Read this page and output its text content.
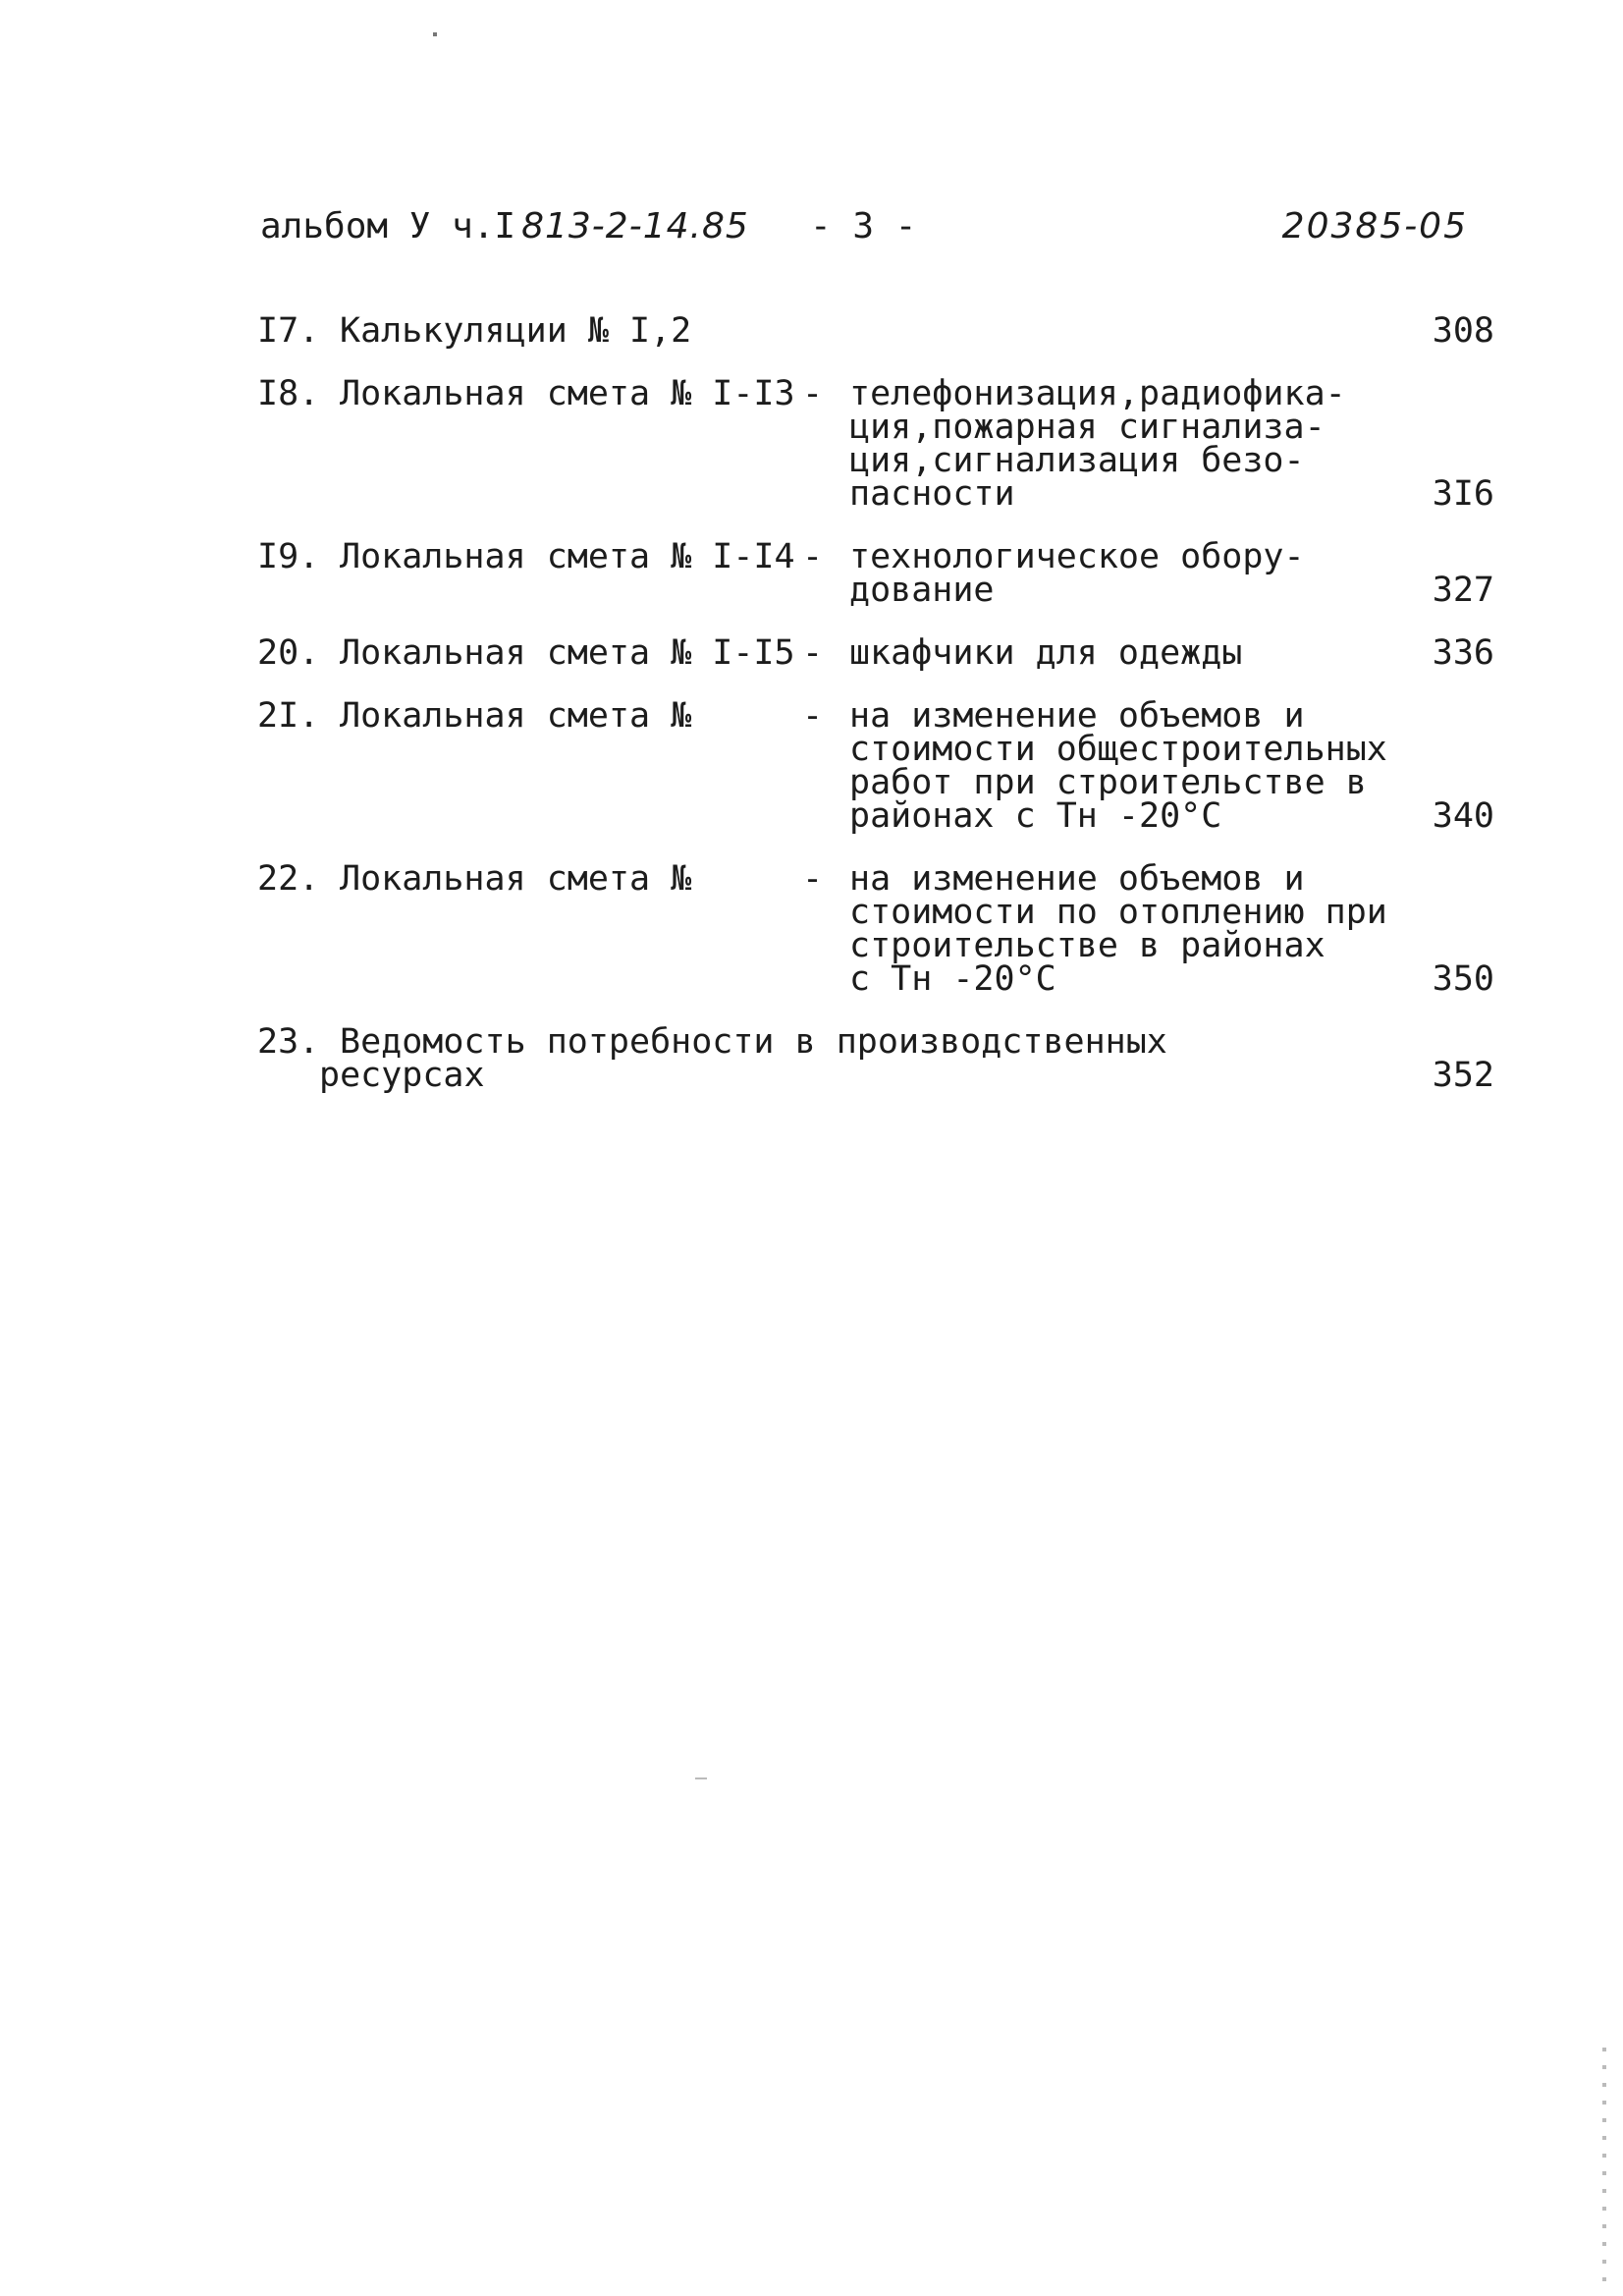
альбом У ч.I 813-2-14.85 - 3 -	20385-05
I7. Калькуляции № I,2	308
I8. Локальная смета № I-I3 - телефонизация,радиофика-
ция,пожарная сигнализа-
ция,сигнализация безо-
пасности	3I6
I9. Локальная смета № I-I4 - технологическое обору-
дование	327
20. Локальная смета № I-I5 - шкафчики для одежды	336
2I. Локальная смета №	- на изменение объемов и
стоимости общестроительных
работ при строительстве в
районах с Тн -20°С	340
22. Локальная смета №	- на изменение объемов и
стоимости по отоплению при
строительстве в районах
с Тн -20°С	350
23. Ведомость потребности в производственных
ресурсах	352
